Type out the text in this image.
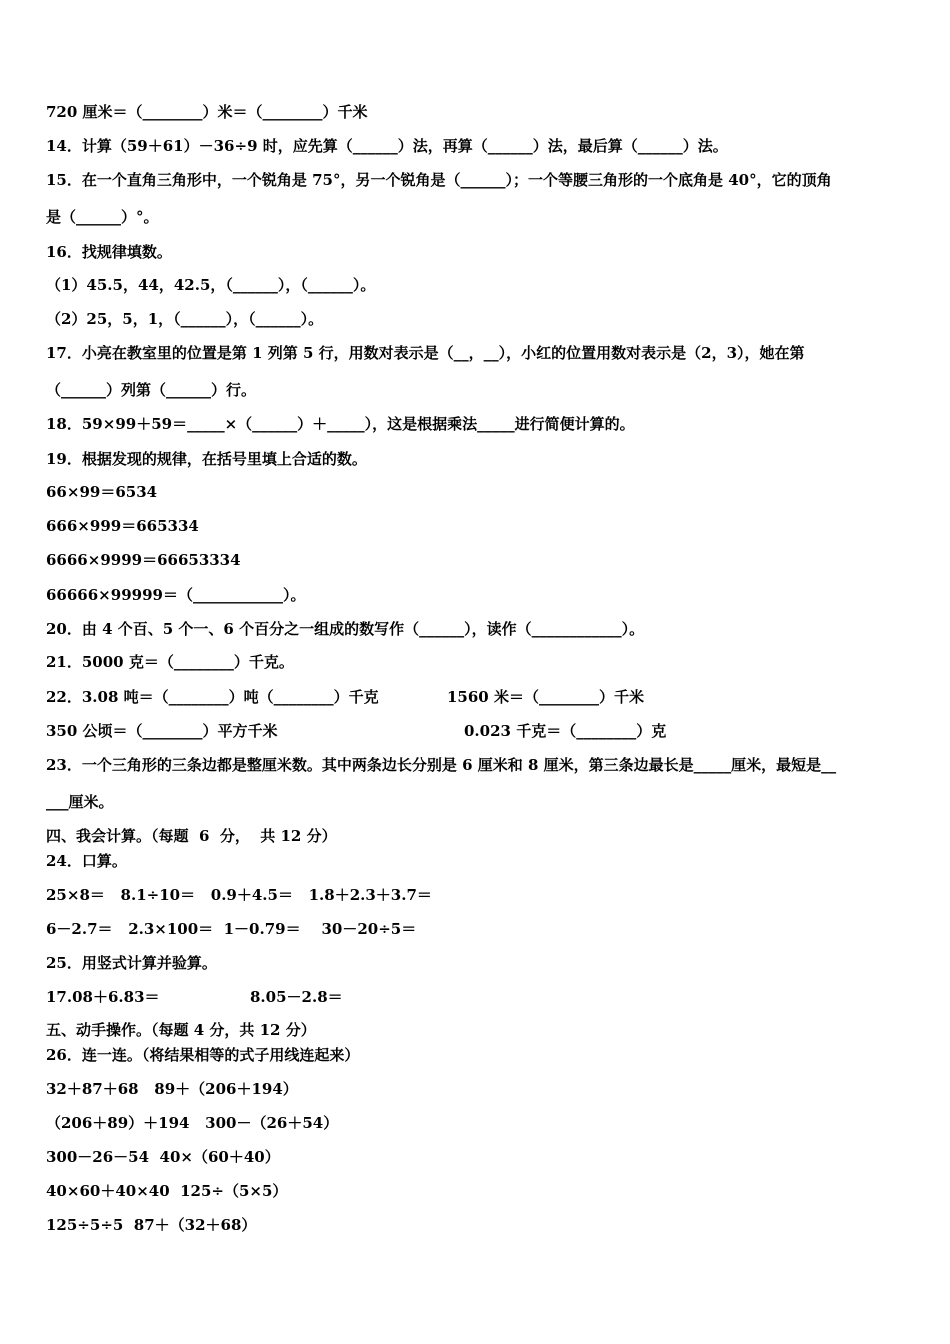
720 厘米＝（________）米＝（________）千米
14．计算（59＋61）－36÷9 时，应先算（______）法，再算（______）法，最后算（______）法。
15．在一个直角三角形中，一个锐角是 75°，另一个锐角是（______）；一个等腰三角形的一个底角是 40°，它的顶角
是（______）°。
16．找规律填数。
（1）45.5，44，42.5，（______），（______）。
（2）25，5，1，（______），（______）。
17．小亮在教室里的位置是第 1 列第 5 行，用数对表示是（__，__），小红的位置用数对表示是（2，3），她在第
（______）列第（______）行。
18．59×99＋59＝_____×（______）＋_____），这是根据乘法_____进行简便计算的。
19．根据发现的规律，在括号里填上合适的数。
66×99＝6534
666×999＝665334
6666×9999＝66653334
66666×99999＝（____________）。
20．由 4 个百、5 个一、6 个百分之一组成的数写作（______），读作（____________）。
21．5000 克＝（________）千克。
22．3.08 吨＝（________）吨（________）千克	1560 米＝（________）千米
350 公顷＝（________）平方千米	0.023 千克＝（________）克
23．一个三角形的三条边都是整厘米数。其中两条边长分别是 6 厘米和 8 厘米，第三条边最长是_____厘米，最短是__
___厘米。
四、我会计算。（每题  6  分，  共 12 分）
24．口算。
25×8＝   8.1÷10＝   0.9＋4.5＝   1.8＋2.3＋3.7＝
6－2.7＝   2.3×100＝  1－0.79＝    30－20÷5＝
25．用竖式计算并验算。
17.08＋6.83＝	8.05－2.8＝
五、动手操作。（每题 4 分，共 12 分）
26．连一连。（将结果相等的式子用线连起来）
32＋87＋68   89＋（206＋194）
（206＋89）＋194   300－（26＋54）
300－26－54  40×（60＋40）
40×60＋40×40  125÷（5×5）
125÷5÷5  87＋（32＋68）
